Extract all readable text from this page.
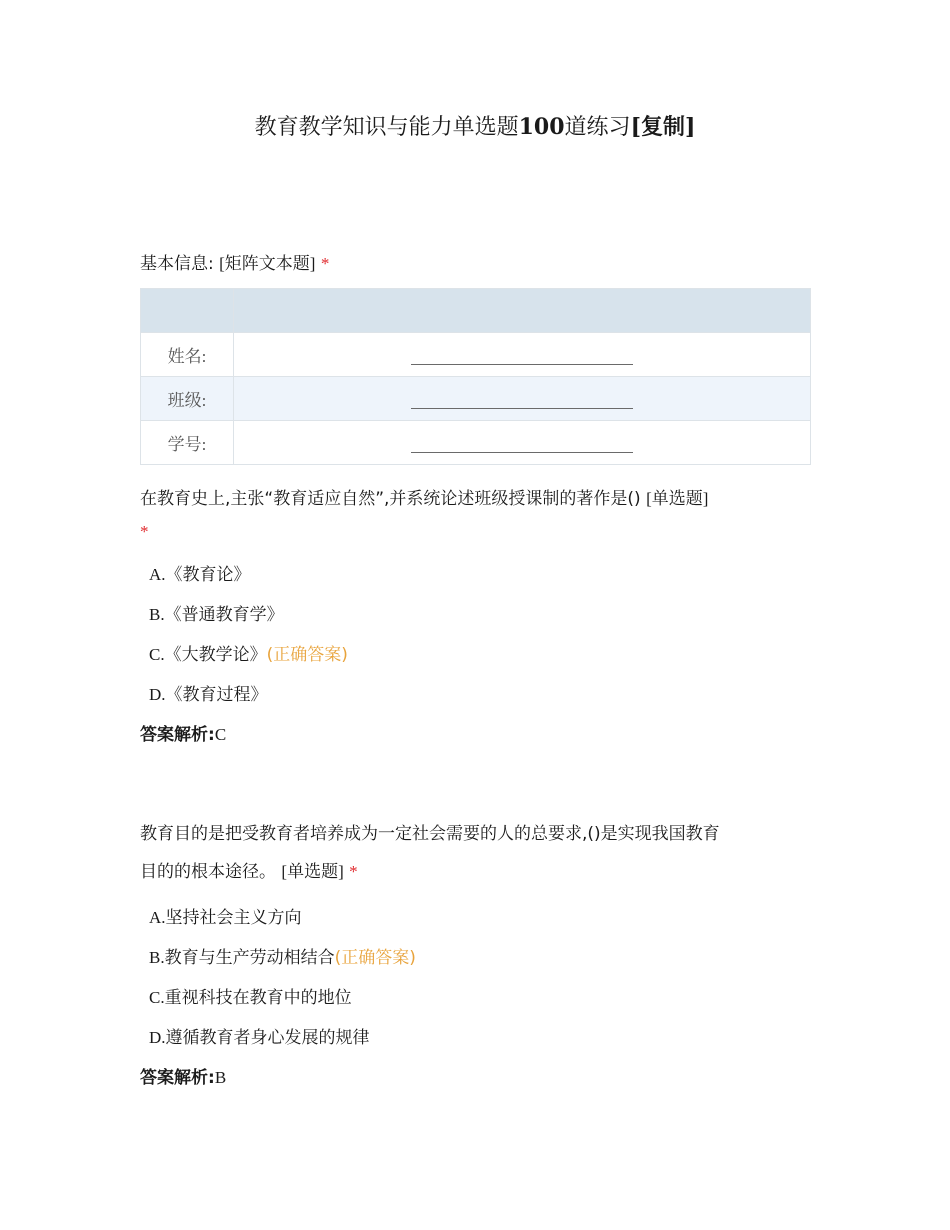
教育教学知识与能力单选题100道练习[复制]
基本信息: [矩阵文本题] *

姓名:	
班级:	
学号:	
在教育史上,主张“教育适应自然”,并系统论述班级授课制的著作是() [单选题]
*
A.《教育论》
B.《普通教育学》
C.《大教学论》(正确答案)
D.《教育过程》
答案解析:C
教育目的是把受教育者培养成为一定社会需要的人的总要求,()是实现我国教育
目的的根本途径。 [单选题] *
A.坚持社会主义方向
B.教育与生产劳动相结合(正确答案)
C.重视科技在教育中的地位
D.遵循教育者身心发展的规律
答案解析:B
